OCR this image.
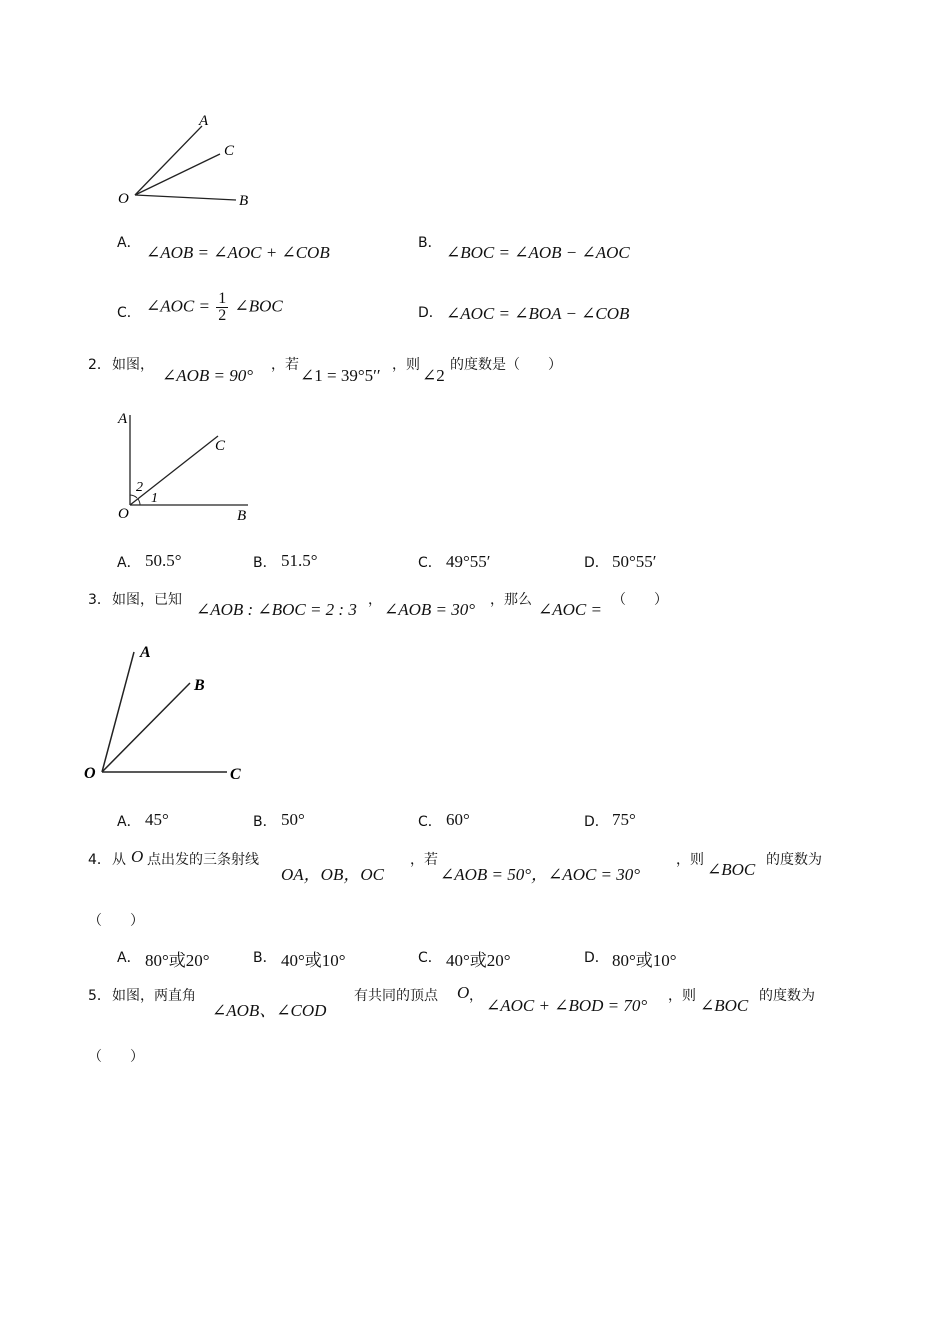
A
C
O	B
A． ∠AOB = ∠AOC + ∠COB	B． ∠BOC = ∠AOB − ∠AOC
C． ∠AOC = $\frac{1}{2}$ ∠BOC	D． ∠AOC = ∠BOA − ∠COB
2． 如图，
∠AOB = 90°
，若
∠1 = 39°5′′
，则
∠2
的度数是（　　）
A
C
2
1
O	B
A． 50.5°	B． 51.5°	C． 49°55′	D． 50°55′
3． 如图，已知 ∠AOB : ∠BOC = 2 : 3 ， ∠AOB = 30° ，那么 ∠AOC = （　　）
A
B
O	C
A． 45°	B． 50°	C． 60°	D． 75°
4． 从 O 点出发的三条射线
OA，OB，OC
，若
∠AOB = 50°，∠AOC = 30°
，则 ∠BOC 的度数为
（　　）
A． 80°或20°	B． 40°或10°	C． 40°或20°	D． 80°或10°
5． 如图，两直角
∠AOB、∠COD
有共同的顶点 O ， ∠AOC + ∠BOD = 70° ，则 ∠BOC 的度数为
（　　）
